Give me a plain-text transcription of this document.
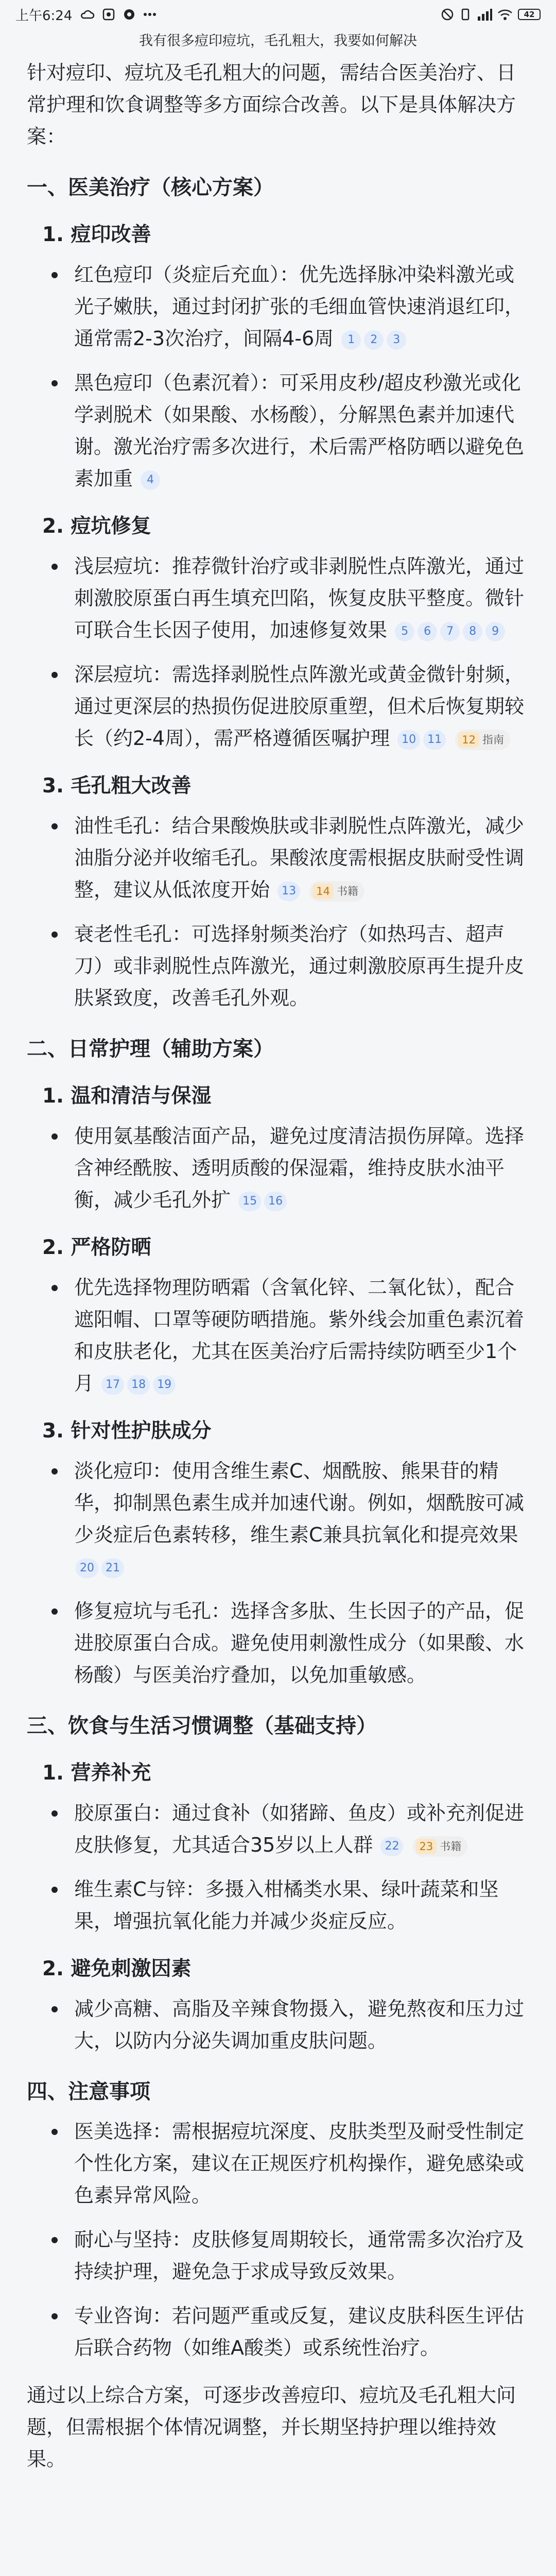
上午6:24	42
我有很多痘印痘坑，毛孔粗大，我要如何解决
针对痘印、痘坑及毛孔粗大的问题，需结合医美治疗、日常护理和饮食调整等多方面综合改善。以下是具体解决方案：
一、医美治疗（核心方案）
1. 痘印改善
红色痘印（炎症后充血）：优先选择脉冲染料激光或光子嫩肤，通过封闭扩张的毛细血管快速消退红印，通常需2-3次治疗，间隔4-6周 1 2 3
黑色痘印（色素沉着）：可采用皮秒/超皮秒激光或化学剥脱术（如果酸、水杨酸），分解黑色素并加速代谢。激光治疗需多次进行，术后需严格防晒以避免色素加重 4
2. 痘坑修复
浅层痘坑：推荐微针治疗或非剥脱性点阵激光，通过刺激胶原蛋白再生填充凹陷，恢复皮肤平整度。微针可联合生长因子使用，加速修复效果 5 6 7 8 9
深层痘坑：需选择剥脱性点阵激光或黄金微针射频，通过更深层的热损伤促进胶原重塑，但术后恢复期较长（约2-4周），需严格遵循医嘱护理 10 11	12 指南
3. 毛孔粗大改善
油性毛孔：结合果酸焕肤或非剥脱性点阵激光，减少油脂分泌并收缩毛孔。果酸浓度需根据皮肤耐受性调整，建议从低浓度开始 13	14 书籍
衰老性毛孔：可选择射频类治疗（如热玛吉、超声刀）或非剥脱性点阵激光，通过刺激胶原再生提升皮肤紧致度，改善毛孔外观。
二、日常护理（辅助方案）
1. 温和清洁与保湿
使用氨基酸洁面产品，避免过度清洁损伤屏障。选择含神经酰胺、透明质酸的保湿霜，维持皮肤水油平衡，减少毛孔外扩 15 16
2. 严格防晒
优先选择物理防晒霜（含氧化锌、二氧化钛），配合遮阳帽、口罩等硬防晒措施。紫外线会加重色素沉着和皮肤老化，尤其在医美治疗后需持续防晒至少1个月 17 18 19
3. 针对性护肤成分
淡化痘印：使用含维生素C、烟酰胺、熊果苷的精华，抑制黑色素生成并加速代谢。例如，烟酰胺可减少炎症后色素转移，维生素C兼具抗氧化和提亮效果 20 21
修复痘坑与毛孔：选择含多肽、生长因子的产品，促进胶原蛋白合成。避免使用刺激性成分（如果酸、水杨酸）与医美治疗叠加，以免加重敏感。
三、饮食与生活习惯调整（基础支持）
1. 营养补充
胶原蛋白：通过食补（如猪蹄、鱼皮）或补充剂促进皮肤修复，尤其适合35岁以上人群 22	23 书籍
维生素C与锌：多摄入柑橘类水果、绿叶蔬菜和坚果，增强抗氧化能力并减少炎症反应。
2. 避免刺激因素
减少高糖、高脂及辛辣食物摄入，避免熬夜和压力过大，以防内分泌失调加重皮肤问题。
四、注意事项
医美选择：需根据痘坑深度、皮肤类型及耐受性制定个性化方案，建议在正规医疗机构操作，避免感染或色素异常风险。
耐心与坚持：皮肤修复周期较长，通常需多次治疗及持续护理，避免急于求成导致反效果。
专业咨询：若问题严重或反复，建议皮肤科医生评估后联合药物（如维A酸类）或系统性治疗。
通过以上综合方案，可逐步改善痘印、痘坑及毛孔粗大问题，但需根据个体情况调整，并长期坚持护理以维持效果。
